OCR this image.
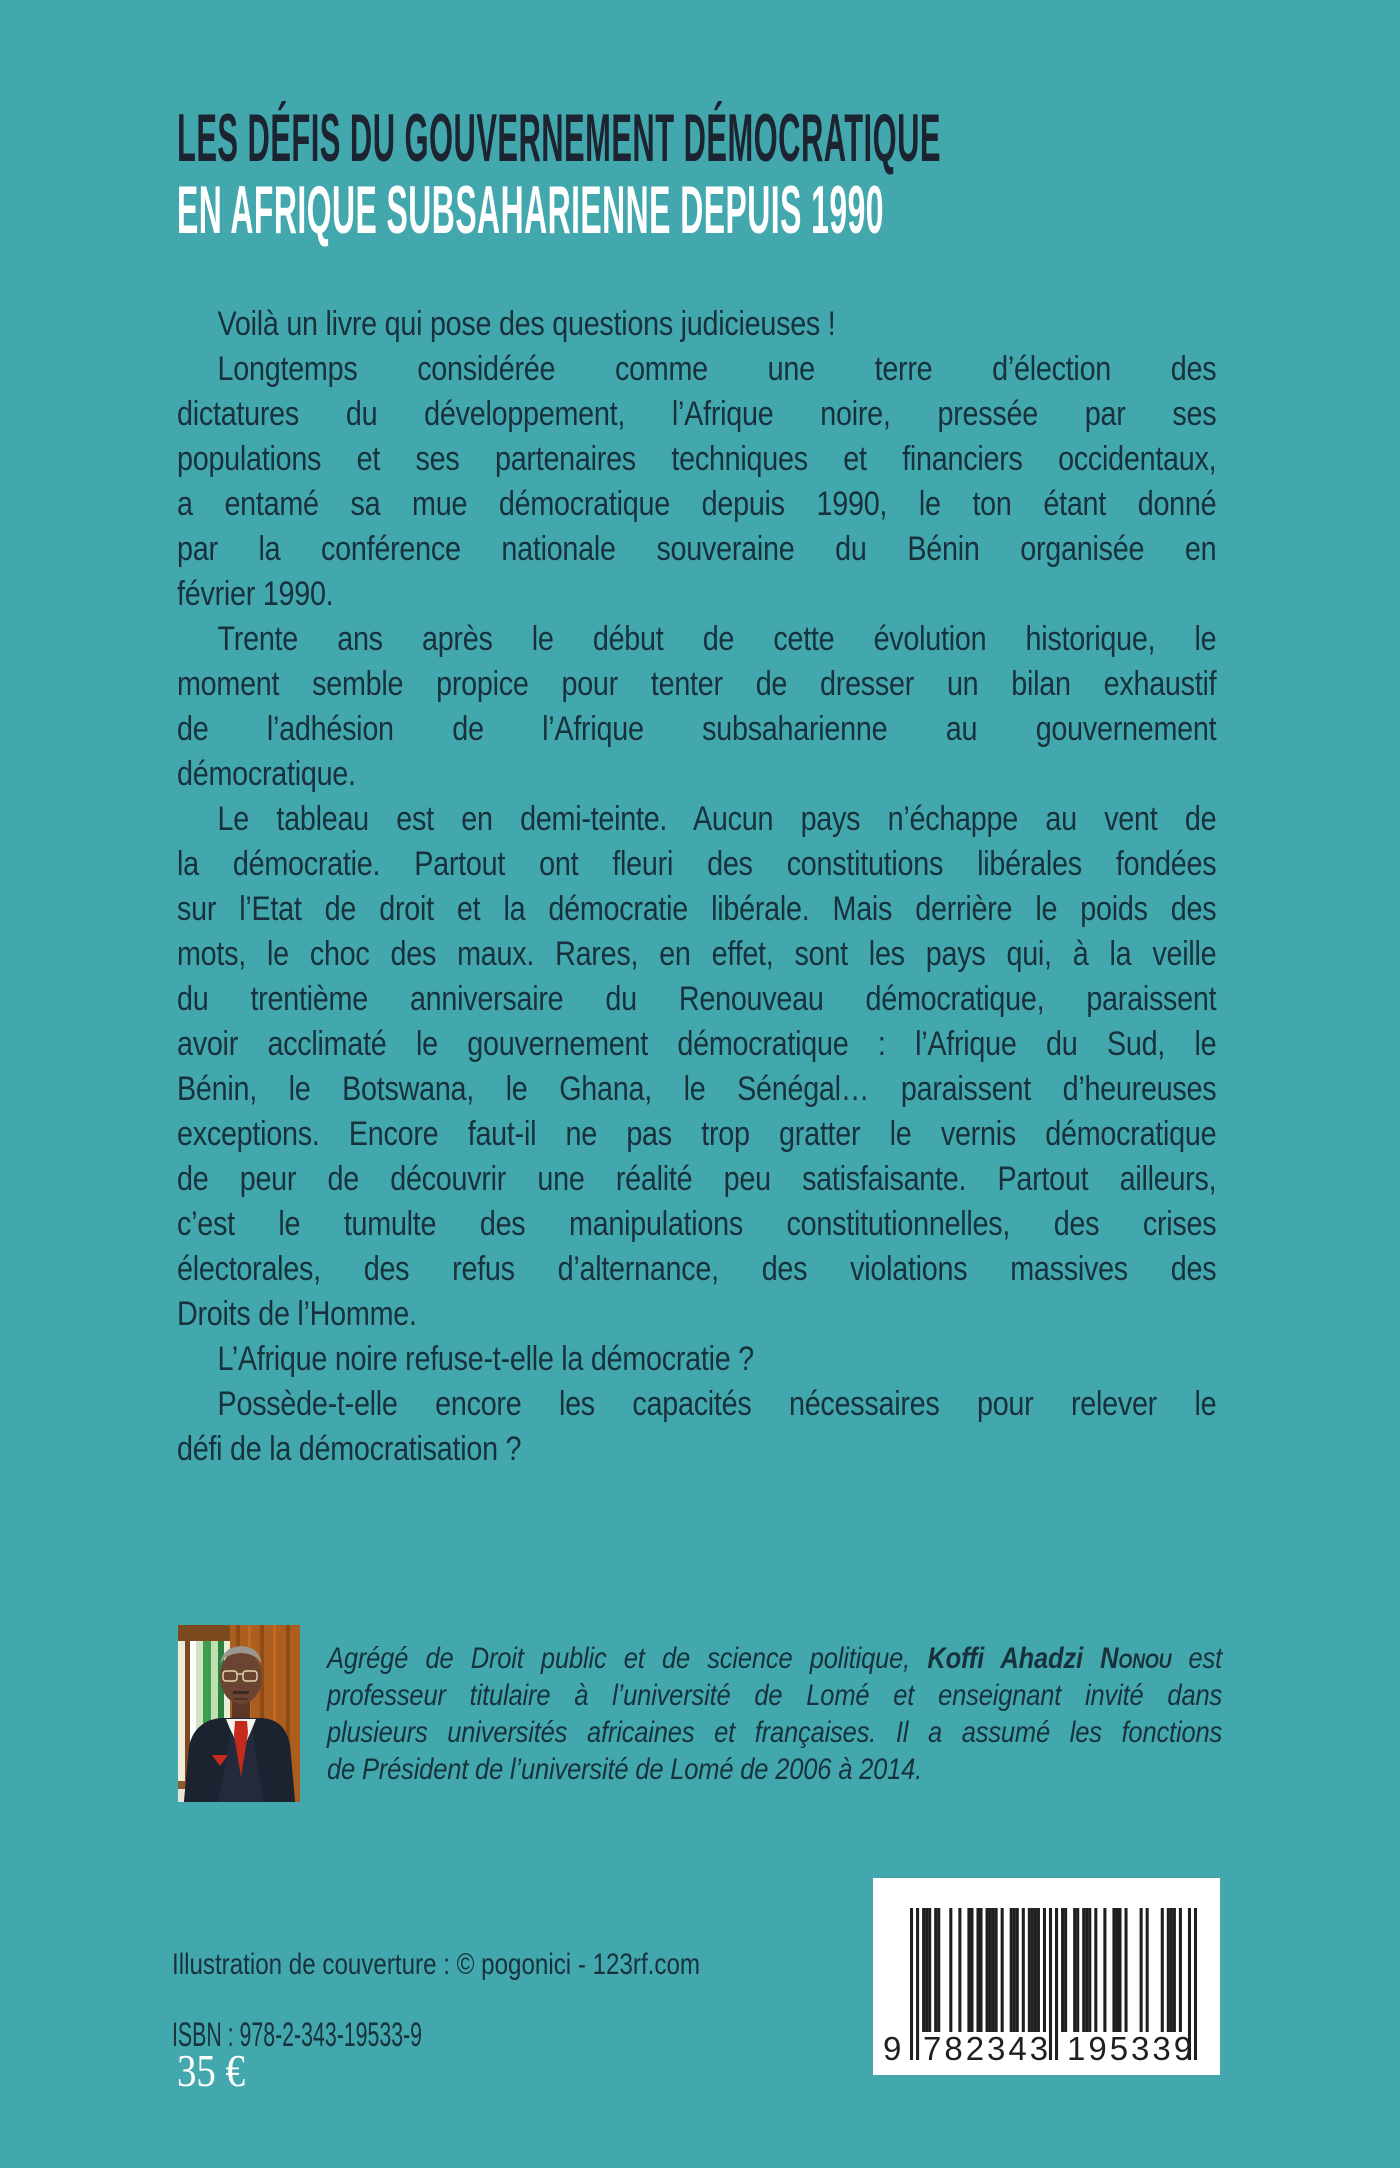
LES DÉFIS DU GOUVERNEMENT DÉMOCRATIQUE
EN AFRIQUE SUBSAHARIENNE DEPUIS 1990
Voilà un livre qui pose des questions judicieuses !
Longtemps considérée comme une terre d’élection des
dictatures du développement, l’Afrique noire, pressée par ses
populations et ses partenaires techniques et financiers occidentaux,
a entamé sa mue démocratique depuis 1990, le ton étant donné
par la conférence nationale souveraine du Bénin organisée en
février 1990.
Trente ans après le début de cette évolution historique, le
moment semble propice pour tenter de dresser un bilan exhaustif
de l’adhésion de l’Afrique subsaharienne au gouvernement
démocratique.
Le tableau est en demi-teinte. Aucun pays n’échappe au vent de
la démocratie. Partout ont fleuri des constitutions libérales fondées
sur l’Etat de droit et la démocratie libérale. Mais derrière le poids des
mots, le choc des maux. Rares, en effet, sont les pays qui, à la veille
du trentième anniversaire du Renouveau démocratique, paraissent
avoir acclimaté le gouvernement démocratique : l’Afrique du Sud, le
Bénin, le Botswana, le Ghana, le Sénégal… paraissent d’heureuses
exceptions. Encore faut-il ne pas trop gratter le vernis démocratique
de peur de découvrir une réalité peu satisfaisante. Partout ailleurs,
c’est le tumulte des manipulations constitutionnelles, des crises
électorales, des refus d’alternance, des violations massives des
Droits de l’Homme.
L’Afrique noire refuse-t-elle la démocratie ?
Possède-t-elle encore les capacités nécessaires pour relever le
défi de la démocratisation ?
Agrégé de Droit public et de science politique, Koffi Ahadzi Nonou est
professeur titulaire à l’université de Lomé et enseignant invité dans
plusieurs universités africaines et françaises. Il a assumé les fonctions
de Président de l’université de Lomé de 2006 à 2014.
Illustration de couverture : © pogonici - 123rf.com
ISBN : 978-2-343-19533-9
35 €	9 782343 195339
